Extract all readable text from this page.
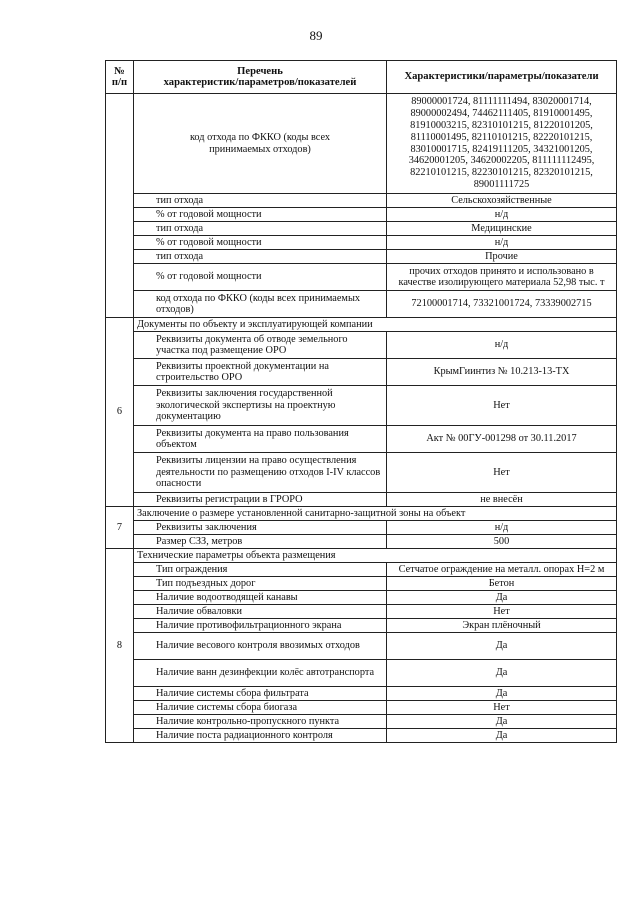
89
№
п/п	Перечень
характеристик/параметров/показателей	Характеристики/параметры/показатели
	код отхода по ФККО (коды всех принимаемых отходов)	89000001724, 81111111494, 83020001714, 89000002494, 74462111405, 81910001495, 81910003215, 82310101215, 81220101205, 81110001495, 82110101215, 82220101215, 83010001715, 82419111205, 34321001205, 34620001205, 34620002205, 811111112495, 82210101215, 82230101215, 82320101215, 89001111725
	тип отхода	Сельскохозяйственные
	% от годовой мощности	н/д
	тип отхода	Медицинские
	% от годовой мощности	н/д
	тип отхода	Прочие
	% от годовой мощности	прочих отходов принято и использовано в качестве изолирующего материала 52,98 тыс. т
	код отхода по ФККО (коды всех принимаемых отходов)	72100001714, 73321001724, 73339002715
6	Документы по объекту и эксплуатирующей компании	
	Реквизиты документа об отводе земельного участка под размещение ОРО	н/д
	Реквизиты проектной документации на строительство ОРО	КрымГиинтиз № 10.213-13-ТХ
	Реквизиты заключения государственной экологической экспертизы на проектную документацию	Нет
	Реквизиты документа на право пользования объектом	Акт № 00ГУ-001298 от 30.11.2017
	Реквизиты лицензии на право осуществления деятельности по размещению отходов I-IV классов опасности	Нет
	Реквизиты регистрации в ГРОРО	не внесён
7	Заключение о размере установленной санитарно-защитной зоны на объект	
	Реквизиты заключения	н/д
	Размер СЗЗ, метров	500
8	Технические параметры объекта размещения	
	Тип ограждения	Сетчатое ограждение на металл. опорах Н=2 м
	Тип подъездных дорог	Бетон
	Наличие водоотводящей канавы	Да
	Наличие обваловки	Нет
	Наличие противофильтрационного экрана	Экран плёночный
	Наличие весового контроля ввозимых отходов	Да
	Наличие ванн дезинфекции колёс автотранспорта	Да
	Наличие системы сбора фильтрата	Да
	Наличие системы сбора биогаза	Нет
	Наличие контрольно-пропускного пункта	Да
	Наличие поста радиационного контроля	Да
